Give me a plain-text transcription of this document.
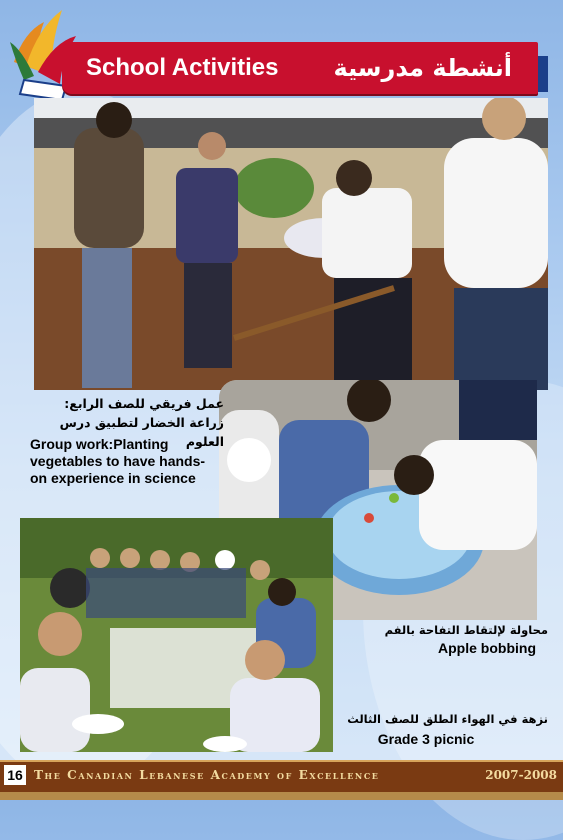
School Activities أنشطة مدرسية
عمل فريقي للصف الرابع: زراعة الخضار لتطبيق درس العلوم
Group work:Planting vegetables to have hands-on experience in science
محاولة لإلتقاط التفاحة بالفم
Apple bobbing
نزهة في الهواء الطلق للصف الثالث
Grade 3 picnic
16 The Canadian Lebanese Academy of Excellence	2007-2008
